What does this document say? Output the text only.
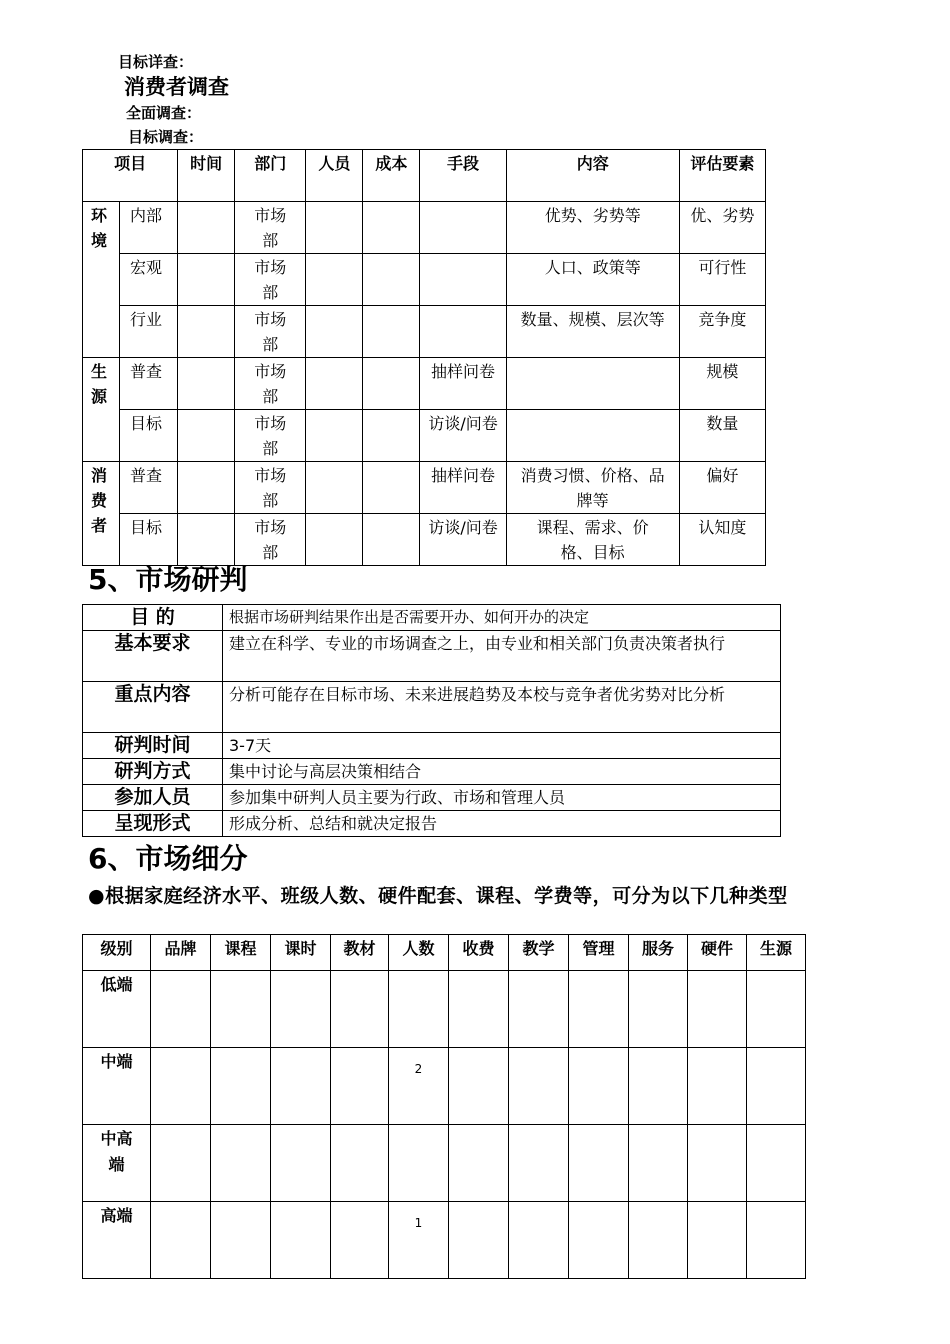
目标详查：
消费者调查
全面调查：
目标调查：
项目		时间	部门	人员	成本	手段	内容	评估要素

环境	内部		市场部				优势、劣势等	优、劣势

	宏观		市场部				人口、政策等	可行性
	行业		市场部				数量、规模、层次等	竞争度

生源	普查		市场部			抽样问卷		规模
	目标		市场部			访谈/问卷		数量

消费者	普查		市场部			抽样问卷	消费习惯、价格、品牌等	偏好
	目标		市场部			访谈/问卷	课程、需求、价格、目标	认知度
5、市场研判
目 的	根据市场研判结果作出是否需要开办、如何开办的决定
基本要求	建立在科学、专业的市场调查之上，由专业和相关部门负责决策者执行
重点内容	分析可能存在目标市场、未来进展趋势及本校与竞争者优劣势对比分析
研判时间	3-7天
研判方式	集中讨论与高层决策相结合
参加人员	参加集中研判人员主要为行政、市场和管理人员
呈现形式	形成分析、总结和就决定报告
6、市场细分
●根据家庭经济水平、班级人数、硬件配套、课程、学费等，可分为以下几种类型
级别	品牌	课程	课时	教材	人数	收费	教学	管理	服务	硬件	生源
低端											
中端					2						

中高端											

高端					1						
